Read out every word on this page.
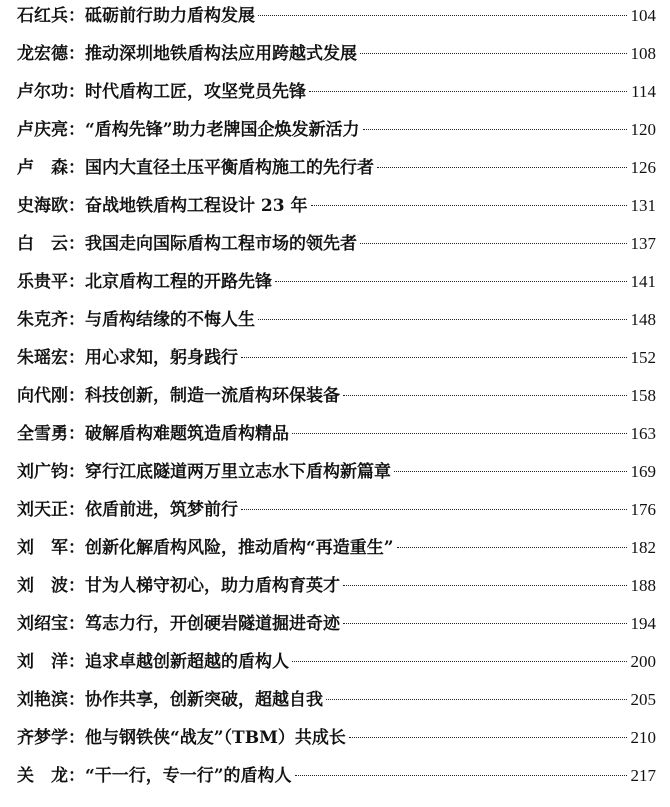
石红兵： 砥砺前行助力盾构发展	104
龙宏德： 推动深圳地铁盾构法应用跨越式发展	108
卢尔功： 时代盾构工匠，攻坚党员先锋	114
卢庆亮： “盾构先锋”助力老牌国企焕发新活力	120
卢　森： 国内大直径土压平衡盾构施工的先行者	126
史海欧： 奋战地铁盾构工程设计 23 年	131
白　云： 我国走向国际盾构工程市场的领先者	137
乐贵平： 北京盾构工程的开路先锋	141
朱克齐： 与盾构结缘的不悔人生	148
朱瑶宏： 用心求知，躬身践行	152
向代刚： 科技创新，制造一流盾构环保装备	158
全雪勇： 破解盾构难题筑造盾构精品	163
刘广钧： 穿行江底隧道两万里立志水下盾构新篇章	169
刘天正： 依盾前进，筑梦前行	176
刘　军： 创新化解盾构风险，推动盾构“再造重生”	182
刘　波： 甘为人梯守初心，助力盾构育英才	188
刘绍宝： 笃志力行，开创硬岩隧道掘进奇迹	194
刘　洋： 追求卓越创新超越的盾构人	200
刘艳滨： 协作共享，创新突破，超越自我	205
齐梦学： 他与钢铁侠“战友”（TBM）共成长	210
关　龙： “干一行，专一行”的盾构人	217
